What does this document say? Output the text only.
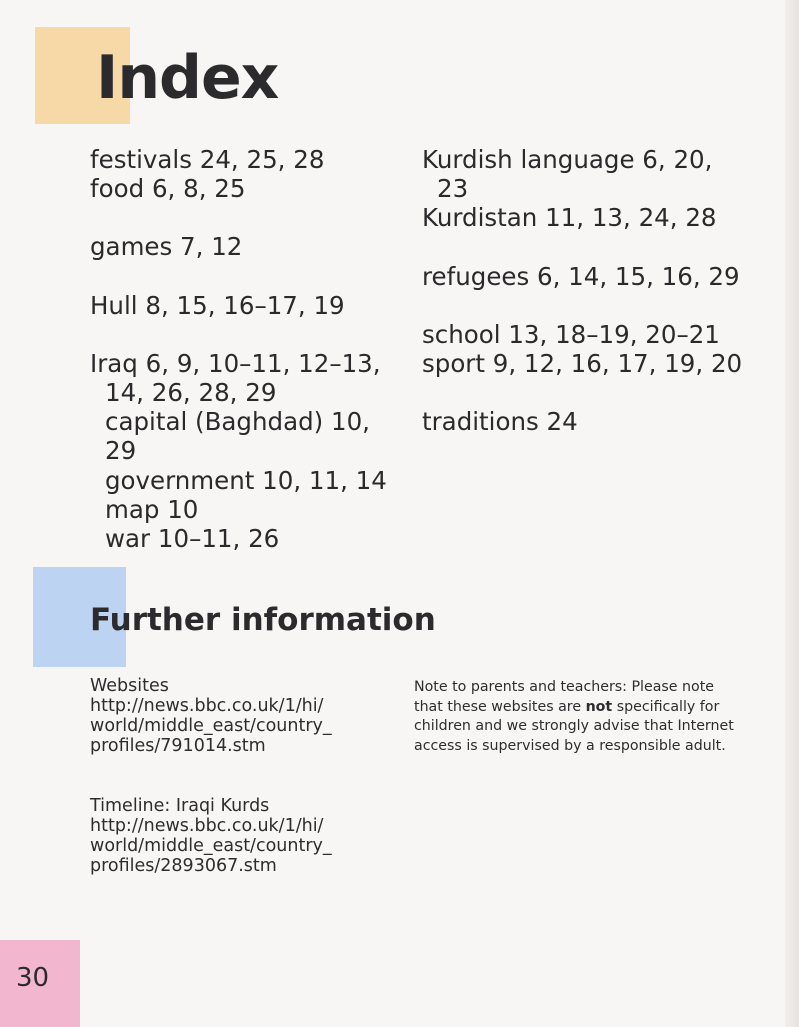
Index

festivals 24, 25, 28

food 6, 8, 25

games 7, 12

Hull 8, 15, 16–17, 19

Iraq 6, 9, 10–11, 12–13,
14, 26, 28, 29

capital (Baghdad) 10,
29

government 10, 11, 14

map 10

war 10–11, 26

Kurdish language 6, 20,
23

Kurdistan 11, 13, 24, 28

refugees 6, 14, 15, 16, 29

school 13, 18–19, 20–21

sport 9, 12, 16, 17, 19, 20

traditions 24

Further information
Websites
http://news.bbc.co.uk/1/hi/
world/middle_east/country_
profiles/791014.stm
Timeline: Iraqi Kurds
http://news.bbc.co.uk/1/hi/
world/middle_east/country_
profiles/2893067.stm
Note to parents and teachers: Please note that these websites are not specifically for children and we strongly advise that Internet access is supervised by a responsible adult.
30
